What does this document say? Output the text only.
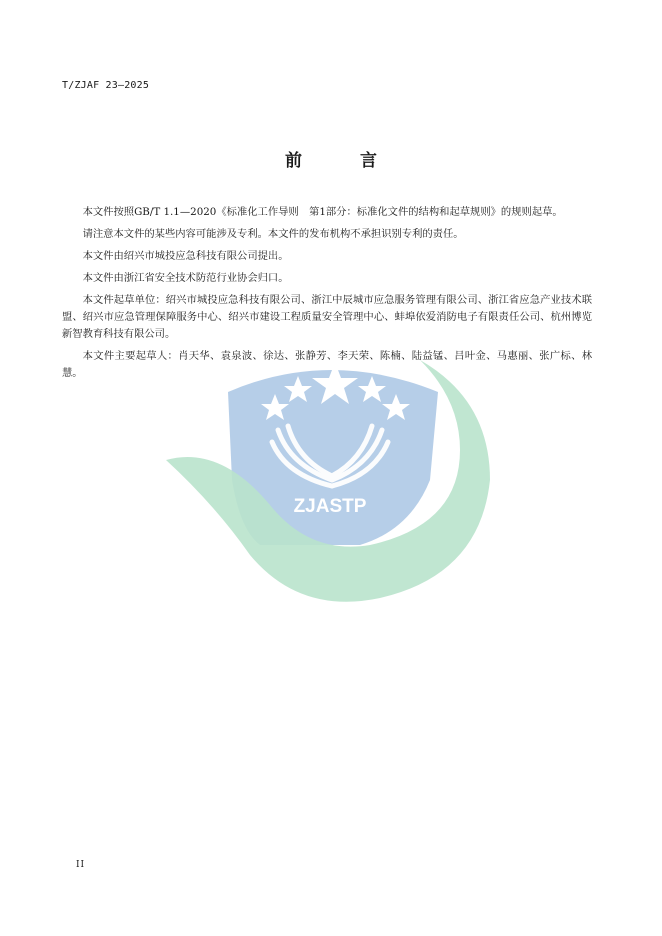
T/ZJAF 23—2025
ZJASTP
前 言

本文件按照GB/T 1.1—2020《标准化工作导则　第1部分：标准化文件的结构和起草规则》的规则起草。

请注意本文件的某些内容可能涉及专利。本文件的发布机构不承担识别专利的责任。

本文件由绍兴市城投应急科技有限公司提出。

本文件由浙江省安全技术防范行业协会归口。

本文件起草单位：绍兴市城投应急科技有限公司、浙江中辰城市应急服务管理有限公司、浙江省应急产业技术联盟、绍兴市应急管理保障服务中心、绍兴市建设工程质量安全管理中心、蚌埠依爱消防电子有限责任公司、杭州博览新智教育科技有限公司。

本文件主要起草人：肖天华、袁泉波、徐达、张静芳、李天荣、陈楠、陆益锰、吕叶金、马惠丽、张广标、林慧。

II
